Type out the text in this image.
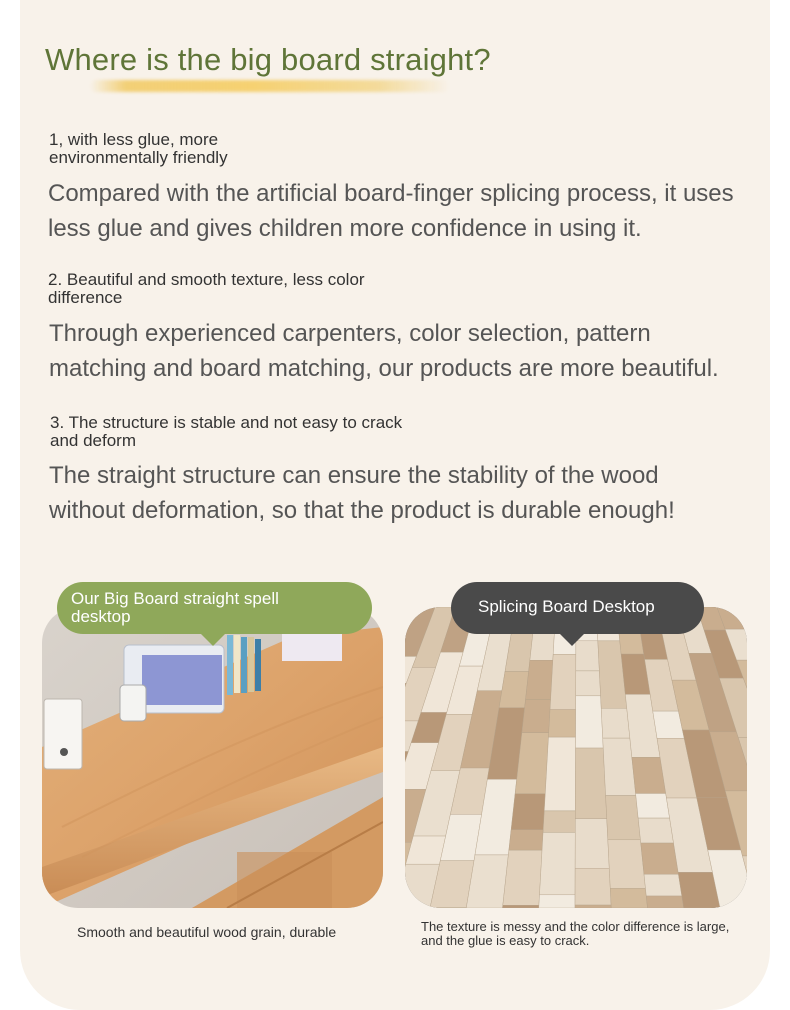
Where is the big board straight?
1, with less glue, more environmentally friendly
Compared with the artificial board-finger splicing process, it uses less glue and gives children more confidence in using it.
2. Beautiful and smooth texture, less color difference
Through experienced carpenters, color selection, pattern matching and board matching, our products are more beautiful.
3. The structure is stable and not easy to crack and deform
The straight structure can ensure the stability of the wood without deformation, so that the product is durable enough!
Our Big Board straight spell desktop
Splicing Board Desktop
Smooth and beautiful wood grain, durable	The texture is messy and the color difference is large, and the glue is easy to crack.
